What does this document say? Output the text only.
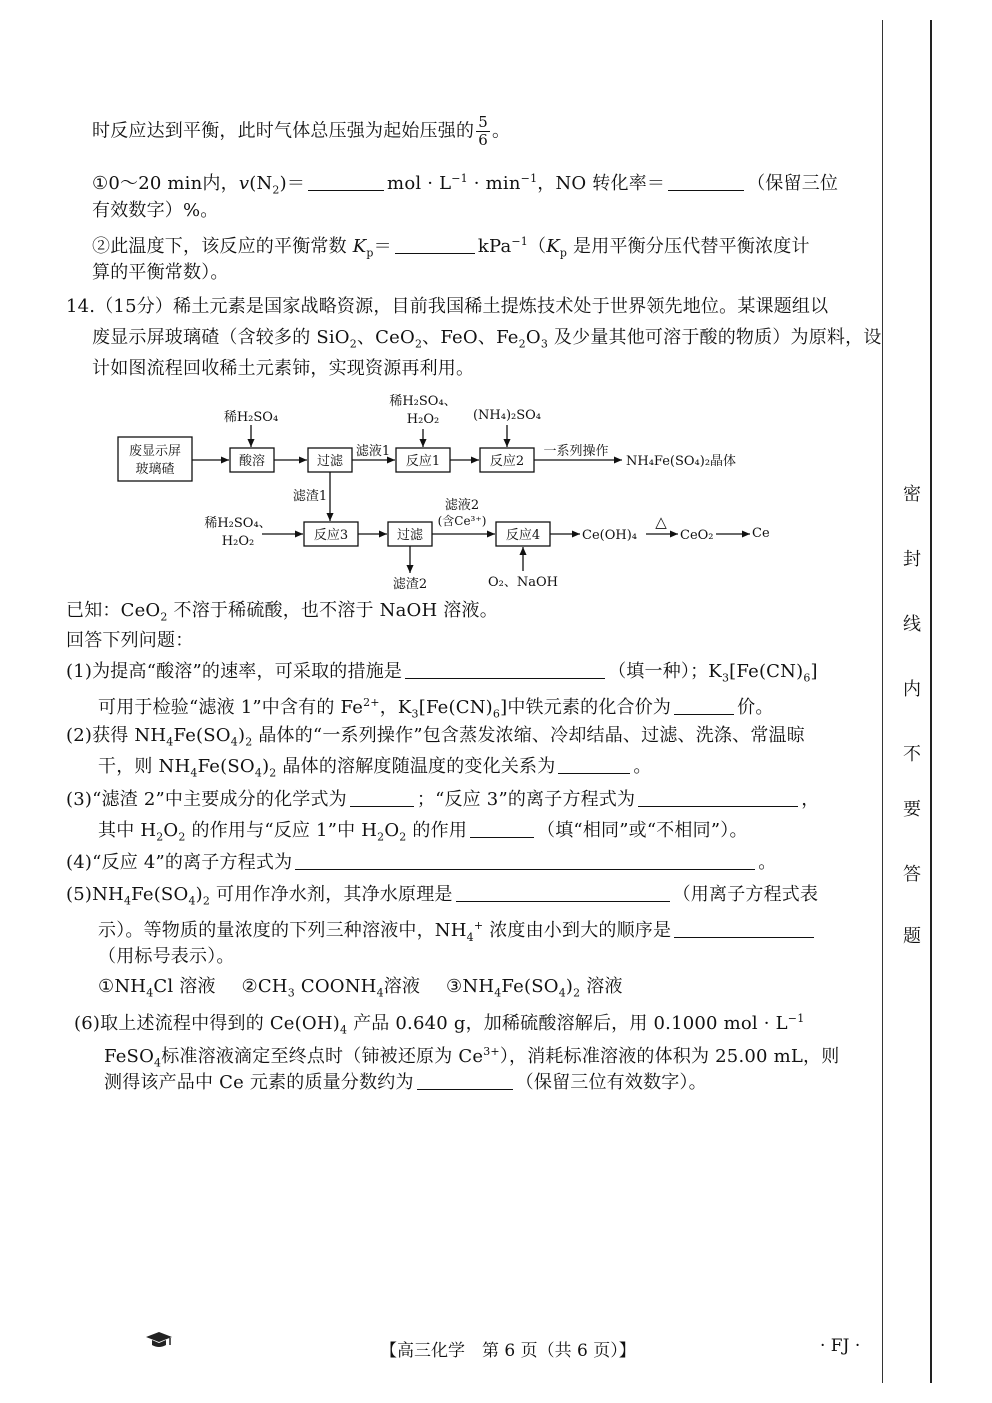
时反应达到平衡，此时气体总压强为起始压强的 $\frac{5}{6}$ 。
①0～20 min内，$v(N_2)=$	mol · $L^{-1} \cdot \min^{-1}$，NO 转化率＝	（保留三位
有效数字）%。
②此温度下，该反应的平衡常数 $K_p=$	$kPa^{-1}(K_p$ 是用平衡分压代替平衡浓度计
算的平衡常数）。
14.（15分）稀土元素是国家战略资源，目前我国稀土提炼技术处于世界领先地位。某课题组以
废显示屏玻璃碴（含较多的 SiO$_2$、CeO$_2$、FeO、$Fe_2O_3$ 及少量其他可溶于酸的物质）为原料，设
计如图流程回收稀土元素铈，实现资源再利用。
废显示屏
玻璃碴
稀H₂SO₄
酸溶	过滤
滤液1
稀H₂SO₄、
H₂O₂
反应1
(NH₄)₂SO₄
反应2
一系列操作
NH₄Fe(SO₄)₂晶体
滤渣1
稀H₂SO₄、
H₂O₂	反应3	过滤
滤液2
(含Ce³⁺)
反应4
滤渣2	O₂、NaOH
Ce(OH)₄
△
CeO₂	Ce
已知：CeO$_2$ 不溶于稀硫酸，也不溶于 NaOH 溶液。
回答下列问题：
(1)为提高“酸溶”的速率，可采取的措施是	（填一种）；$K_3[Fe(CN)_6]$
可用于检验“滤液 1”中含有的 $Fe^{2+}$，$K_3[Fe(CN)_6]$中铁元素的化合价为	价。
(2)获得 $NH_4Fe(SO_4)_2$ 晶体的“一系列操作”包含蒸发浓缩、冷却结晶、过滤、洗涤、常温晾
干，则 $NH_4Fe(SO_4)_2$ 晶体的溶解度随温度的变化关系为	。
(3)“滤渣 2”中主要成分的化学式为	；“反应 3”的离子方程式为	，
其中 $H_2O_2$ 的作用与“反应 1”中 $H_2O_2$ 的作用	（填“相同”或“不相同”）。
(4)“反应 4”的离子方程式为	。
$(5)NH_4Fe(SO_4)_2$ 可用作净水剂，其净水原理是	（用离子方程式表
示）。等物质的量浓度的下列三种溶液中，$NH_4^+$ 浓度由小到大的顺序是
（用标号表示）。
$①NH_4Cl$ 溶液 $②CH_3$ $COONH_4$溶液 $③NH_4Fe(SO_4)_2$ 溶液
(6)取上述流程中得到的 $Ce(OH)_4$ 产品 0.640 g，加稀硫酸溶解后，用 0.1000 mol · $L^{-1}$
FeSO$_4$标准溶液滴定至终点时（铈被还原为 $Ce^{3+}$），消耗标准溶液的体积为 25.00 mL，则
测得该产品中 Ce 元素的质量分数约为	（保留三位有效数字）。
密
封
线
内
不
要
答
题
【高三化学　第 6 页（共 6 页）】	· FJ ·
